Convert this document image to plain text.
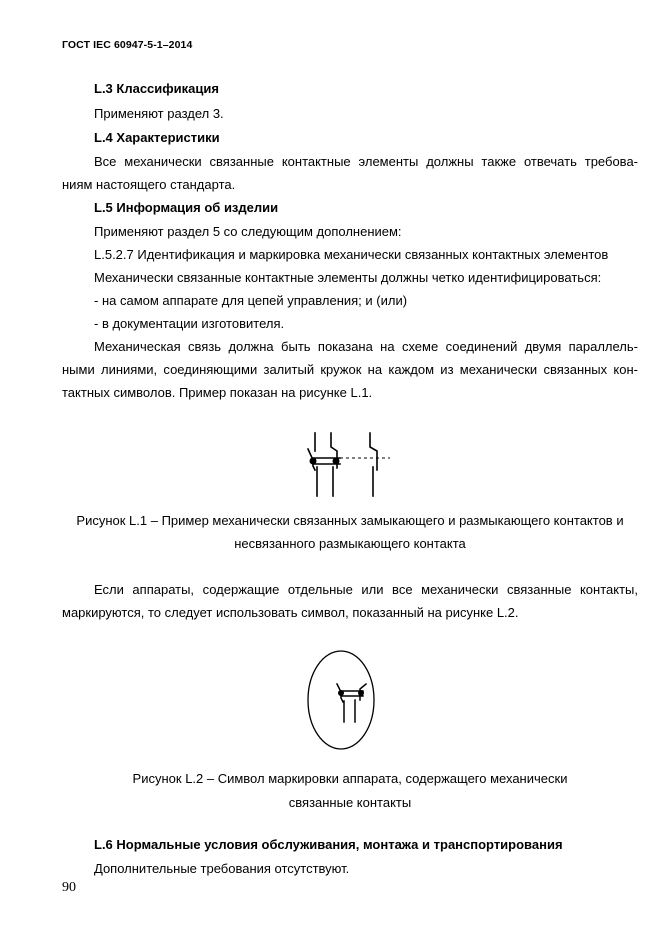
ГОСТ IEC 60947-5-1–2014
L.3 Классификация
Применяют раздел 3.
L.4 Характеристики
Все механически связанные контактные элементы должны также отвечать требова-
ниям настоящего стандарта.
L.5 Информация об изделии
Применяют раздел 5 со следующим дополнением:
L.5.2.7 Идентификация и маркировка механически связанных контактных элементов
Механически связанные контактные элементы должны четко идентифицироваться:
- на самом аппарате для цепей управления; и (или)
- в документации изготовителя.
Механическая связь должна быть показана на схеме соединений двумя параллель-
ными линиями, соединяющими залитый кружок на каждом из механически связанных кон-
тактных символов. Пример показан на рисунке L.1.
Рисунок L.1 – Пример механически связанных замыкающего и размыкающего контактов и
несвязанного размыкающего контакта
Если аппараты, содержащие отдельные или все механически связанные контакты,
маркируются, то следует использовать символ, показанный на рисунке L.2.
Рисунок L.2 – Символ маркировки аппарата, содержащего механически
связанные контакты
L.6 Нормальные условия обслуживания, монтажа и транспортирования
Дополнительные требования отсутствуют.
90
